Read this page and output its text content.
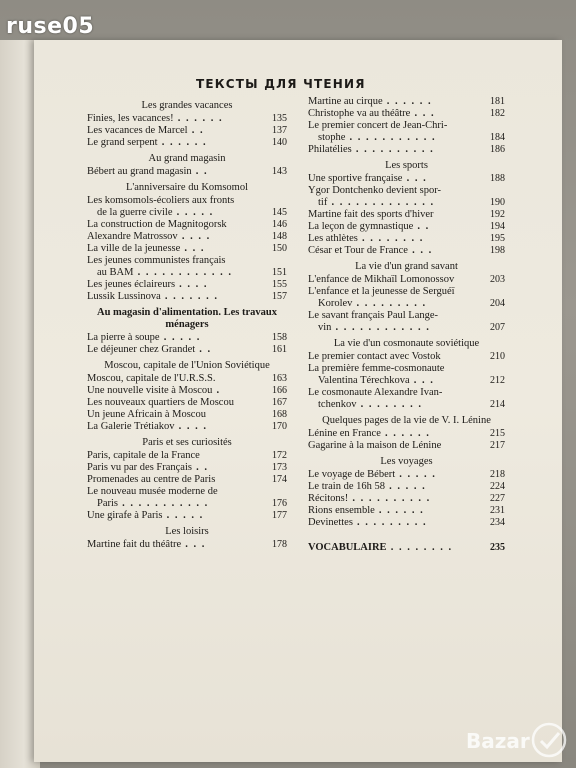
ruse05
ТЕКСТЫ ДЛЯ ЧТЕНИЯ
Les grandes vacances
Finies, les vacances! . . . . . .	135
Les vacances de Marcel . .	137
Le grand serpent . . . . . .	140
Au grand magasin
Bébert au grand magasin . .	143
L'anniversaire du Komsomol
Les komsomols-écoliers aux fronts
de la guerre civile . . . . .	145
La construction de Magnitogorsk	146
Alexandre Matrossov . . . .	148
La ville de la jeunesse . . .	150
Les jeunes communistes français
au BAM . . . . . . . . . . . .	151
Les jeunes éclaireurs . . . .	155
Lussik Lussinova . . . . . . .	157
Au magasin d'alimentation. Les travaux ménagers
La pierre à soupe . . . . .	158
Le déjeuner chez Grandet . .	161
Moscou, capitale de l'Union Soviétique
Moscou, capitale de l'U.R.S.S.	163
Une nouvelle visite à Moscou .	166
Les nouveaux quartiers de Moscou	167
Un jeune Africain à Moscou	168
La Galerie Trétiakov . . . .	170
Paris et ses curiosités
Paris, capitale de la France	172
Paris vu par des Français . .	173
Promenades au centre de Paris	174
Le nouveau musée moderne de
Paris . . . . . . . . . . .	176
Une girafe à Paris . . . . .	177
Les loisirs
Martine fait du théâtre . . .	178
Martine au cirque . . . . . .	181
Christophe va au théâtre . . .	182
Le premier concert de Jean-Chri-
stophe . . . . . . . . . . .	184
Philatélies . . . . . . . . . .	186
Les sports
Une sportive française . . .	188
Ygor Dontchenko devient spor-
tif . . . . . . . . . . . . .	190
Martine fait des sports d'hiver	192
La leçon de gymnastique . .	194
Les athlètes . . . . . . . .	195
César et Tour de France . . .	198
La vie d'un grand savant
L'enfance de Mikhaïl Lomonossov	203
L'enfance et la jeunesse de Serguéï
Korolev . . . . . . . . .	204
Le savant français Paul Lange-
vin . . . . . . . . . . . .	207
La vie d'un cosmonaute soviétique
Le premier contact avec Vostok	210
La première femme-cosmonaute
Valentina Térechkova . . .	212
Le cosmonaute Alexandre Ivan-
tchenkov . . . . . . . .	214
Quelques pages de la vie de V. I. Lénine
Lénine en France . . . . . .	215
Gagarine à la maison de Lénine	217
Les voyages
Le voyage de Bébert . . . . .	218
Le train de 16h 58 . . . . .	224
Récitons! . . . . . . . . . .	227
Rions ensemble . . . . . .	231
Devinettes . . . . . . . . .	234
VOCABULAIRE . . . . . . . .	235
Bazar
